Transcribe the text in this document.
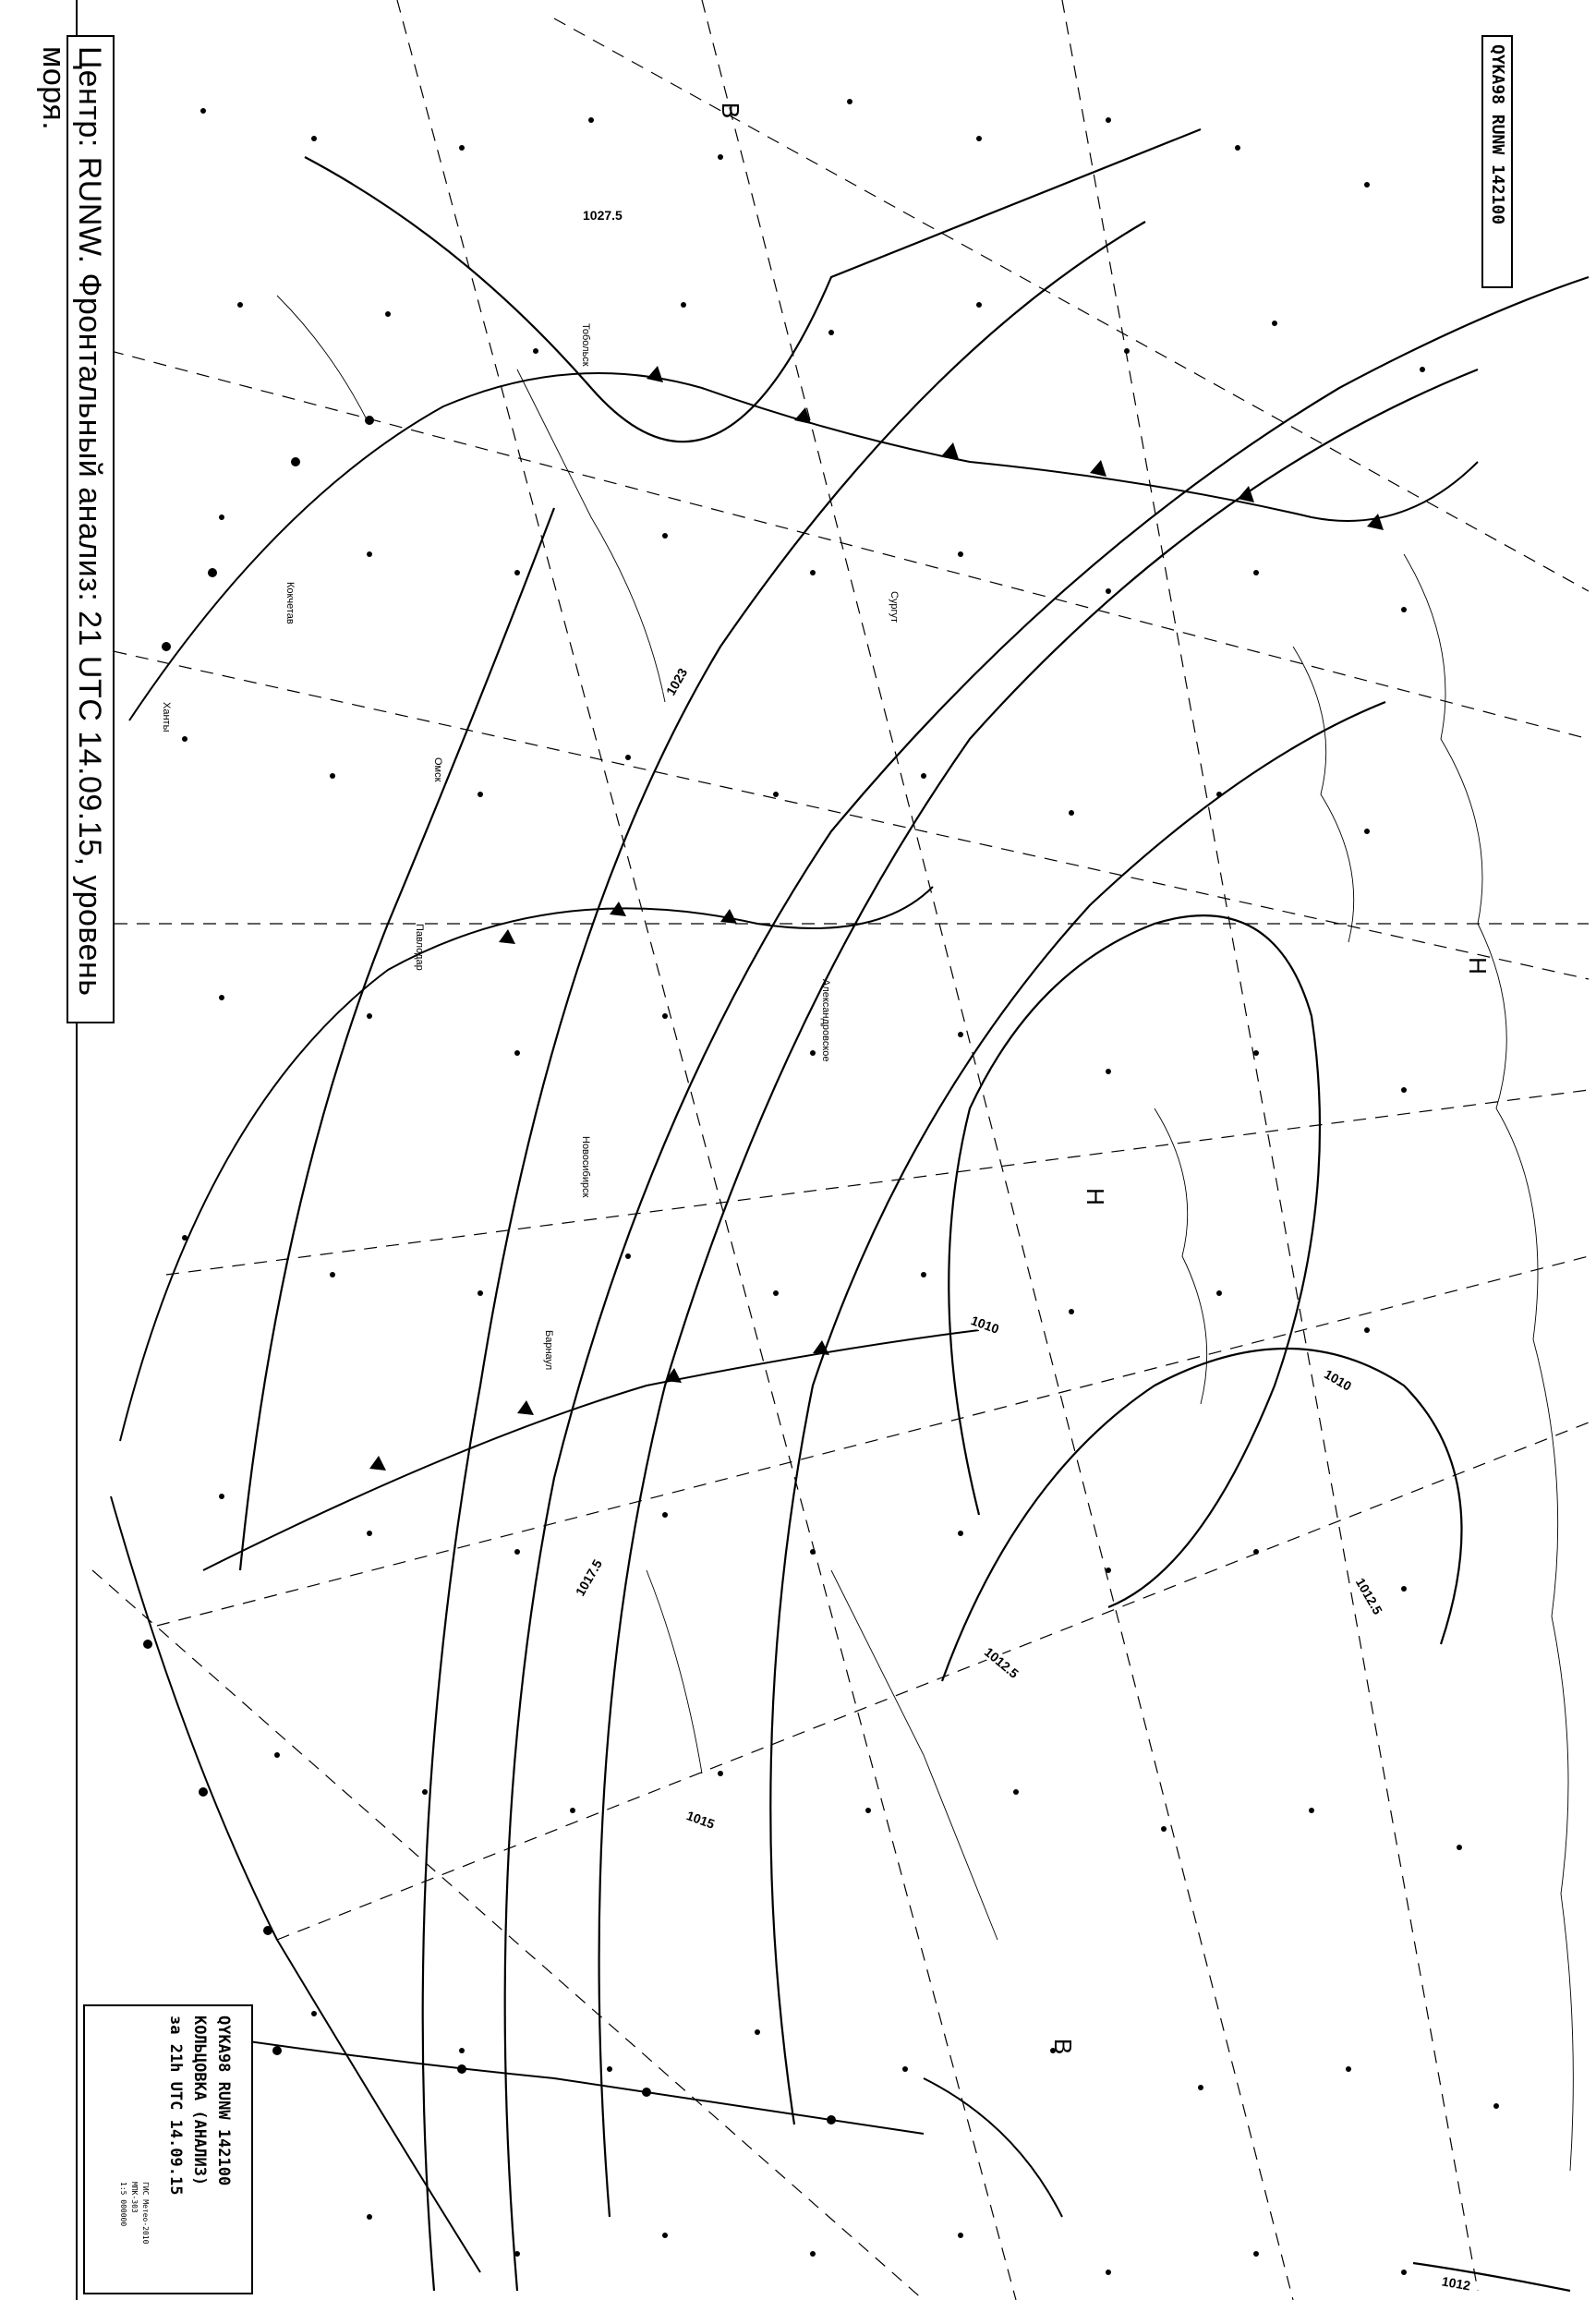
1027.5
1023
1017.5
1015
1012.5
1012.5
1010
1010
1012
В
Н
Н
В
Сургут
Ханты
Омск
Новосибирск
Барнаул
Павлодар
Кокчетав
Тобольск
Александровское
Центр: RUNW. Фронтальный анализ: 21 UTC 14.09.15, уровень моря.	QYKA98 RUNW 142100
QYKA98 RUNW 142100
КОЛЬЦОВКА (АНАЛИЗ)
за 21h UTC 14.09.15
ГИС Метео-2010
МПК-303
1:5 000000
